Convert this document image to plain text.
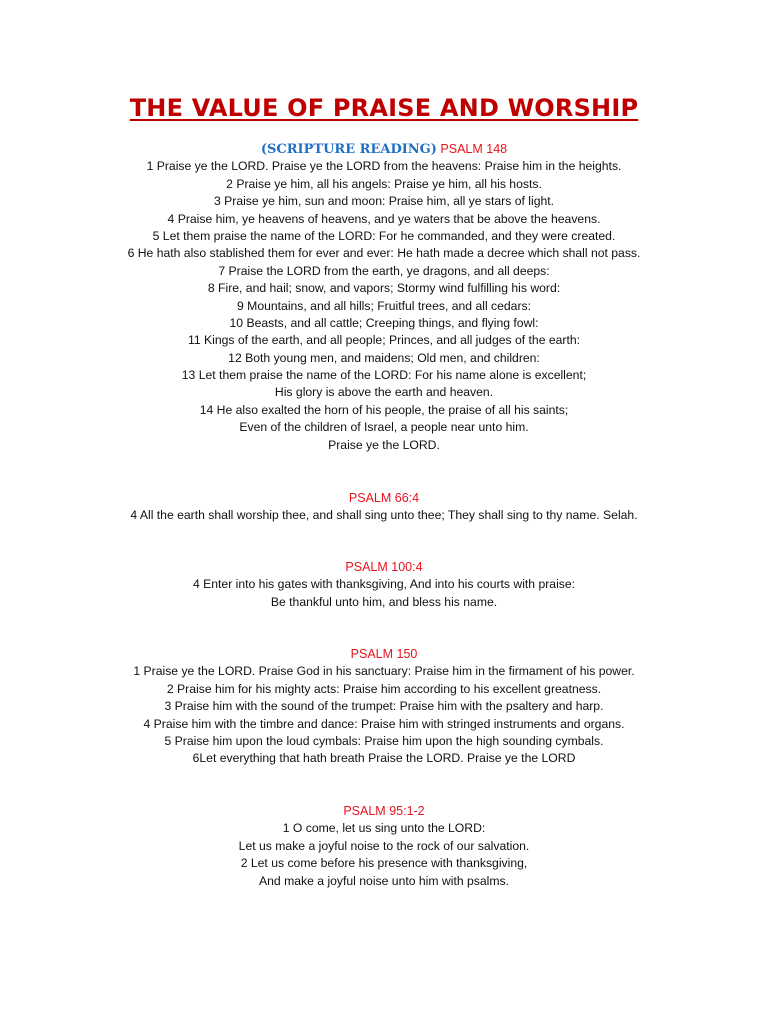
THE VALUE OF PRAISE AND WORSHIP
(SCRIPTURE READING) PSALM 148
1 Praise ye the LORD. Praise ye the LORD from the heavens: Praise him in the heights.
2 Praise ye him, all his angels: Praise ye him, all his hosts.
3 Praise ye him, sun and moon: Praise him, all ye stars of light.
4 Praise him, ye heavens of heavens, and ye waters that be above the heavens.
5 Let them praise the name of the LORD: For he commanded, and they were created.
6 He hath also stablished them for ever and ever: He hath made a decree which shall not pass.
7 Praise the LORD from the earth, ye dragons, and all deeps:
8 Fire, and hail; snow, and vapors; Stormy wind fulfilling his word:
9 Mountains, and all hills; Fruitful trees, and all cedars:
10 Beasts, and all cattle; Creeping things, and flying fowl:
11 Kings of the earth, and all people; Princes, and all judges of the earth:
12 Both young men, and maidens; Old men, and children:
13 Let them praise the name of the LORD: For his name alone is excellent;
His glory is above the earth and heaven.
14 He also exalted the horn of his people, the praise of all his saints;
Even of the children of Israel, a people near unto him.
Praise ye the LORD.
PSALM 66:4
4 All the earth shall worship thee, and shall sing unto thee; They shall sing to thy name. Selah.
PSALM 100:4
4 Enter into his gates with thanksgiving, And into his courts with praise:
Be thankful unto him, and bless his name.
PSALM 150
1 Praise ye the LORD. Praise God in his sanctuary: Praise him in the firmament of his power.
2 Praise him for his mighty acts: Praise him according to his excellent greatness.
3 Praise him with the sound of the trumpet: Praise him with the psaltery and harp.
4 Praise him with the timbre and dance: Praise him with stringed instruments and organs.
5 Praise him upon the loud cymbals: Praise him upon the high sounding cymbals.
6Let everything that hath breath Praise the LORD. Praise ye the LORD
PSALM 95:1-2
1 O come, let us sing unto the LORD:
Let us make a joyful noise to the rock of our salvation.
2 Let us come before his presence with thanksgiving,
And make a joyful noise unto him with psalms.
